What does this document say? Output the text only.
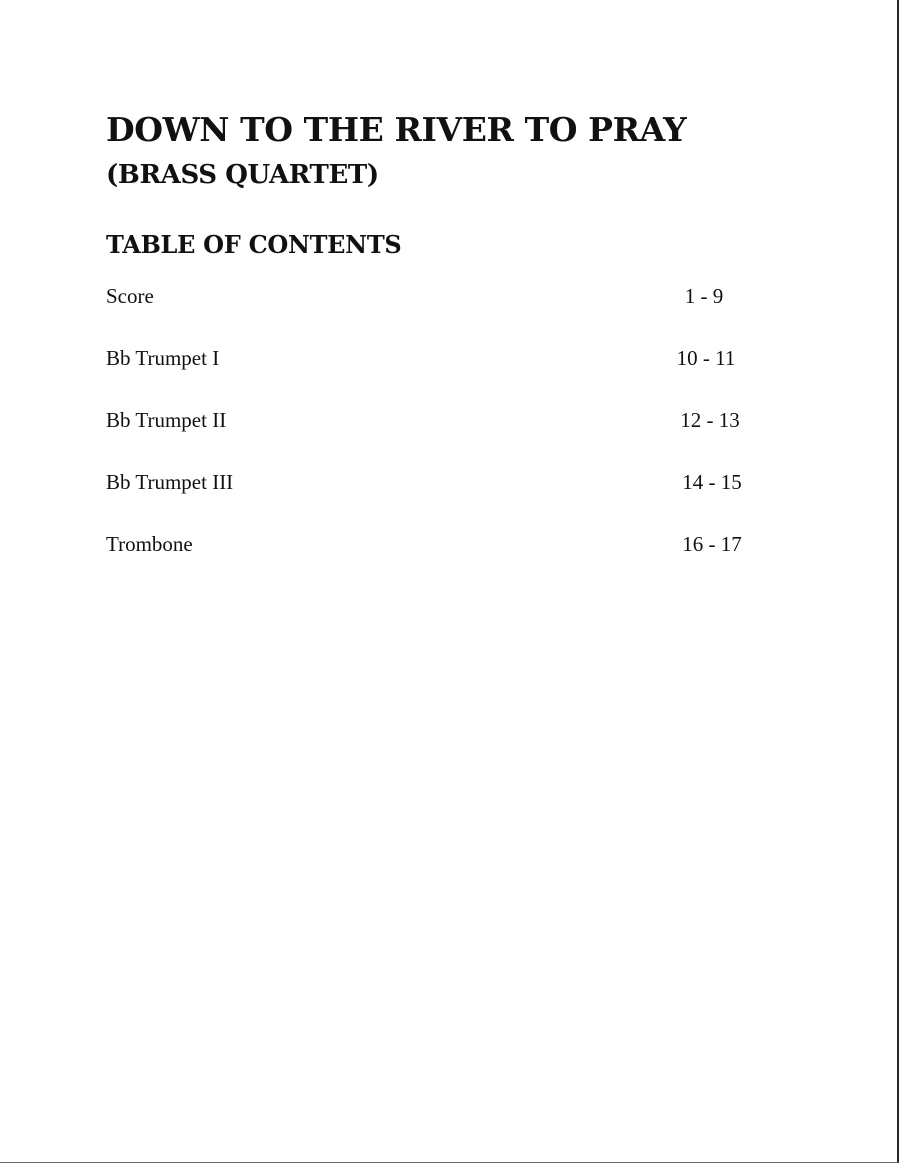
DOWN TO THE RIVER TO PRAY
(BRASS QUARTET)
TABLE OF CONTENTS
Score	1 - 9
Bb Trumpet I	10 - 11
Bb Trumpet II	12 - 13
Bb Trumpet III	14 - 15
Trombone	16 - 17
